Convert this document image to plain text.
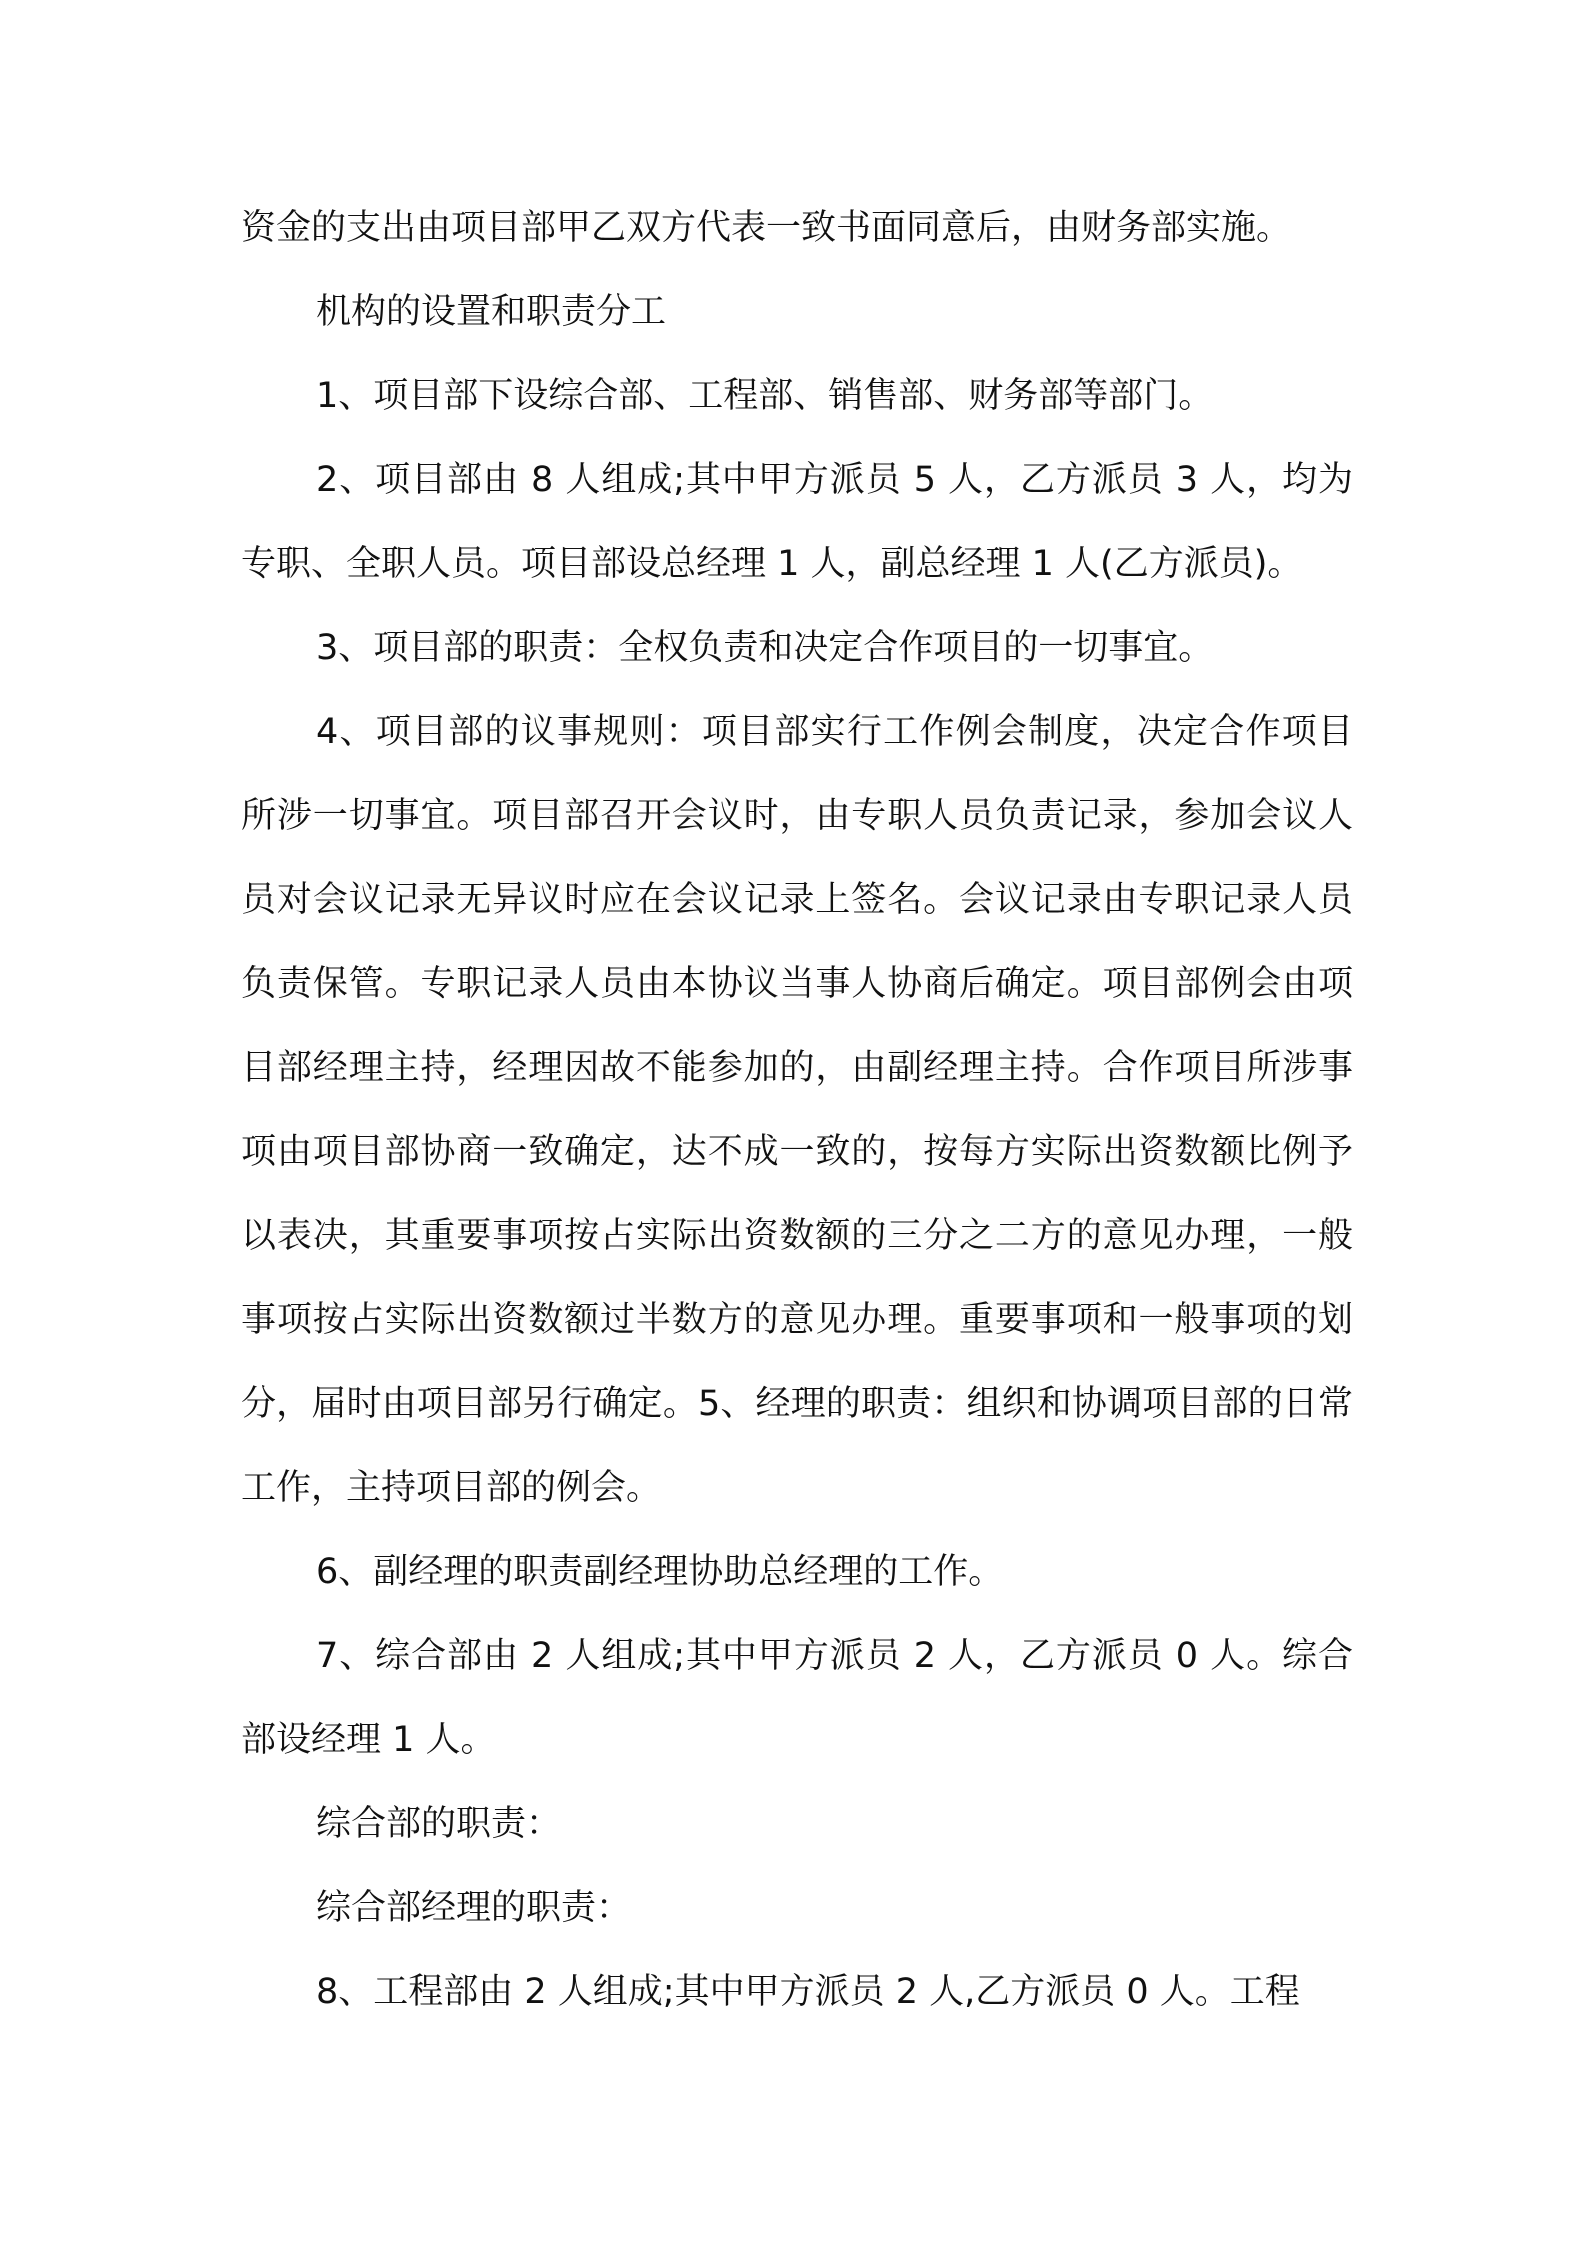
资金的支出由项目部甲乙双方代表一致书面同意后，由财务部实施。

机构的设置和职责分工

1、项目部下设综合部、工程部、销售部、财务部等部门。

2、项目部由 8 人组成;其中甲方派员 5 人，乙方派员 3 人，均为专职、全职人员。项目部设总经理 1 人，副总经理 1 人(乙方派员)。

3、项目部的职责：全权负责和决定合作项目的一切事宜。

4、项目部的议事规则：项目部实行工作例会制度，决定合作项目所涉一切事宜。项目部召开会议时，由专职人员负责记录，参加会议人员对会议记录无异议时应在会议记录上签名。会议记录由专职记录人员负责保管。专职记录人员由本协议当事人协商后确定。项目部例会由项目部经理主持，经理因故不能参加的，由副经理主持。合作项目所涉事项由项目部协商一致确定，达不成一致的，按每方实际出资数额比例予以表决，其重要事项按占实际出资数额的三分之二方的意见办理，一般事项按占实际出资数额过半数方的意见办理。重要事项和一般事项的划分，届时由项目部另行确定。5、经理的职责：组织和协调项目部的日常工作，主持项目部的例会。

6、副经理的职责副经理协助总经理的工作。

7、综合部由 2 人组成;其中甲方派员 2 人，乙方派员 0 人。综合部设经理 1 人。

综合部的职责：

综合部经理的职责：

8、工程部由 2 人组成;其中甲方派员 2 人,乙方派员 0 人。工程
